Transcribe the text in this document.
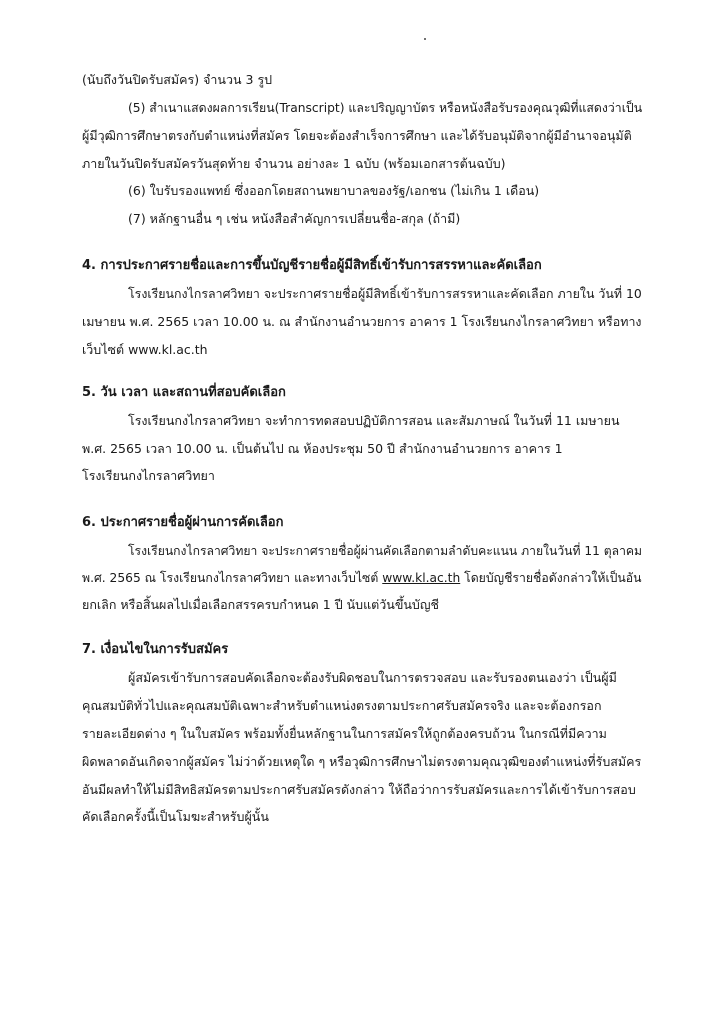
(นับถึงวันปิดรับสมัคร) จำนวน 3 รูป
(5) สำเนาแสดงผลการเรียน(Transcript) และปริญญาบัตร หรือหนังสือรับรองคุณวุฒิที่แสดงว่าเป็น
ผู้มีวุฒิการศึกษาตรงกับตำแหน่งที่สมัคร โดยจะต้องสำเร็จการศึกษา และได้รับอนุมัติจากผู้มีอำนาจอนุมัติ
ภายในวันปิดรับสมัครวันสุดท้าย จำนวน อย่างละ 1 ฉบับ (พร้อมเอกสารต้นฉบับ)
(6) ใบรับรองแพทย์ ซึ่งออกโดยสถานพยาบาลของรัฐ/เอกชน (ไม่เกิน 1 เดือน)
(7) หลักฐานอื่น ๆ เช่น หนังสือสำคัญการเปลี่ยนชื่อ-สกุล (ถ้ามี)
4. การประกาศรายชื่อและการขึ้นบัญชีรายชื่อผู้มีสิทธิ์เข้ารับการสรรหาและคัดเลือก
โรงเรียนกงไกรลาศวิทยา จะประกาศรายชื่อผู้มีสิทธิ์เข้ารับการสรรหาและคัดเลือก ภายใน วันที่ 10
เมษายน พ.ศ. 2565 เวลา 10.00 น. ณ สำนักงานอำนวยการ อาคาร 1 โรงเรียนกงไกรลาศวิทยา หรือทาง
เว็บไซต์ www.kl.ac.th
5. วัน เวลา และสถานที่สอบคัดเลือก
โรงเรียนกงไกรลาศวิทยา จะทำการทดสอบปฏิบัติการสอน และสัมภาษณ์ ในวันที่ 11 เมษายน
พ.ศ. 2565 เวลา 10.00 น. เป็นต้นไป ณ ห้องประชุม 50 ปี สำนักงานอำนวยการ อาคาร 1
โรงเรียนกงไกรลาศวิทยา
6. ประกาศรายชื่อผู้ผ่านการคัดเลือก
โรงเรียนกงไกรลาศวิทยา จะประกาศรายชื่อผู้ผ่านคัดเลือกตามลำดับคะแนน ภายในวันที่ 11 ตุลาคม
พ.ศ. 2565 ณ โรงเรียนกงไกรลาศวิทยา และทางเว็บไซต์ www.kl.ac.th โดยบัญชีรายชื่อดังกล่าวให้เป็นอัน
ยกเลิก หรือสิ้นผลไปเมื่อเลือกสรรครบกำหนด 1 ปี นับแต่วันขึ้นบัญชี
7. เงื่อนไขในการรับสมัคร
ผู้สมัครเข้ารับการสอบคัดเลือกจะต้องรับผิดชอบในการตรวจสอบ และรับรองตนเองว่า เป็นผู้มี
คุณสมบัติทั่วไปและคุณสมบัติเฉพาะสำหรับตำแหน่งตรงตามประกาศรับสมัครจริง และจะต้องกรอก
รายละเอียดต่าง ๆ ในใบสมัคร พร้อมทั้งยื่นหลักฐานในการสมัครให้ถูกต้องครบถ้วน ในกรณีที่มีความ
ผิดพลาดอันเกิดจากผู้สมัคร ไม่ว่าด้วยเหตุใด ๆ หรือวุฒิการศึกษาไม่ตรงตามคุณวุฒิของตำแหน่งที่รับสมัคร
อันมีผลทำให้ไม่มีสิทธิสมัครตามประกาศรับสมัครดังกล่าว ให้ถือว่าการรับสมัครและการได้เข้ารับการสอบ
คัดเลือกครั้งนี้เป็นโมฆะสำหรับผู้นั้น
